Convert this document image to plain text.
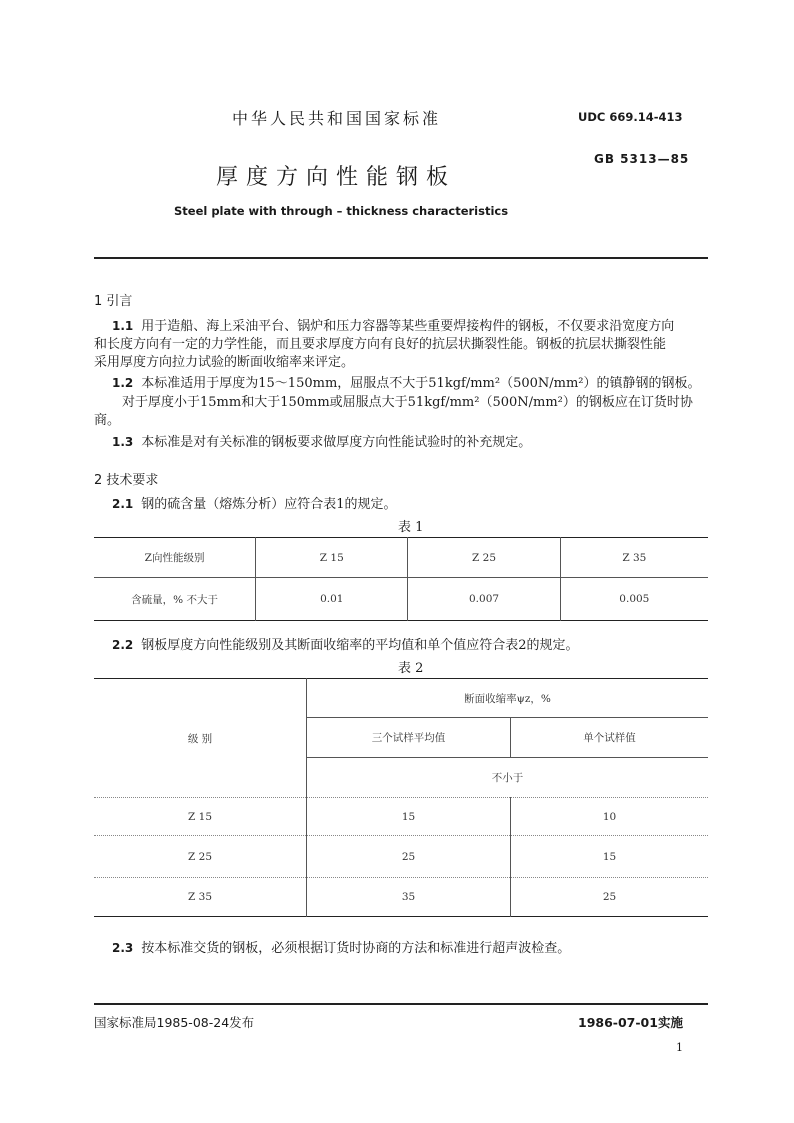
中华人民共和国国家标准	UDC 669.14-413
厚度方向性能钢板
GB 5313—85
Steel plate with through – thickness characteristics
1 引言
1.1 用于造船、海上采油平台、锅炉和压力容器等某些重要焊接构件的钢板，不仅要求沿宽度方向
和长度方向有一定的力学性能，而且要求厚度方向有良好的抗层状撕裂性能。钢板的抗层状撕裂性能
采用厚度方向拉力试验的断面收缩率来评定。
1.2 本标准适用于厚度为15～150mm，屈服点不大于51kgf/mm²（500N/mm²）的镇静钢的钢板。
对于厚度小于15mm和大于150mm或屈服点大于51kgf/mm²（500N/mm²）的钢板应在订货时协
商。
1.3 本标准是对有关标准的钢板要求做厚度方向性能试验时的补充规定。
2 技术要求
2.1 钢的硫含量（熔炼分析）应符合表1的规定。
表 1
Z向性能级别	Z 15	Z 25	Z 35
含硫量，% 不大于	0.01	0.007	0.005
2.2 钢板厚度方向性能级别及其断面收缩率的平均值和单个值应符合表2的规定。
表 2
级 别	断面收缩率ψz，%	
	三个试样平均值	单个试样值
	不小于	
Z 15	15	10
Z 25	25	15
Z 35	35	25
2.3 按本标准交货的钢板，必须根据订货时协商的方法和标准进行超声波检查。
国家标准局1985-08-24发布	1986-07-01实施
1
